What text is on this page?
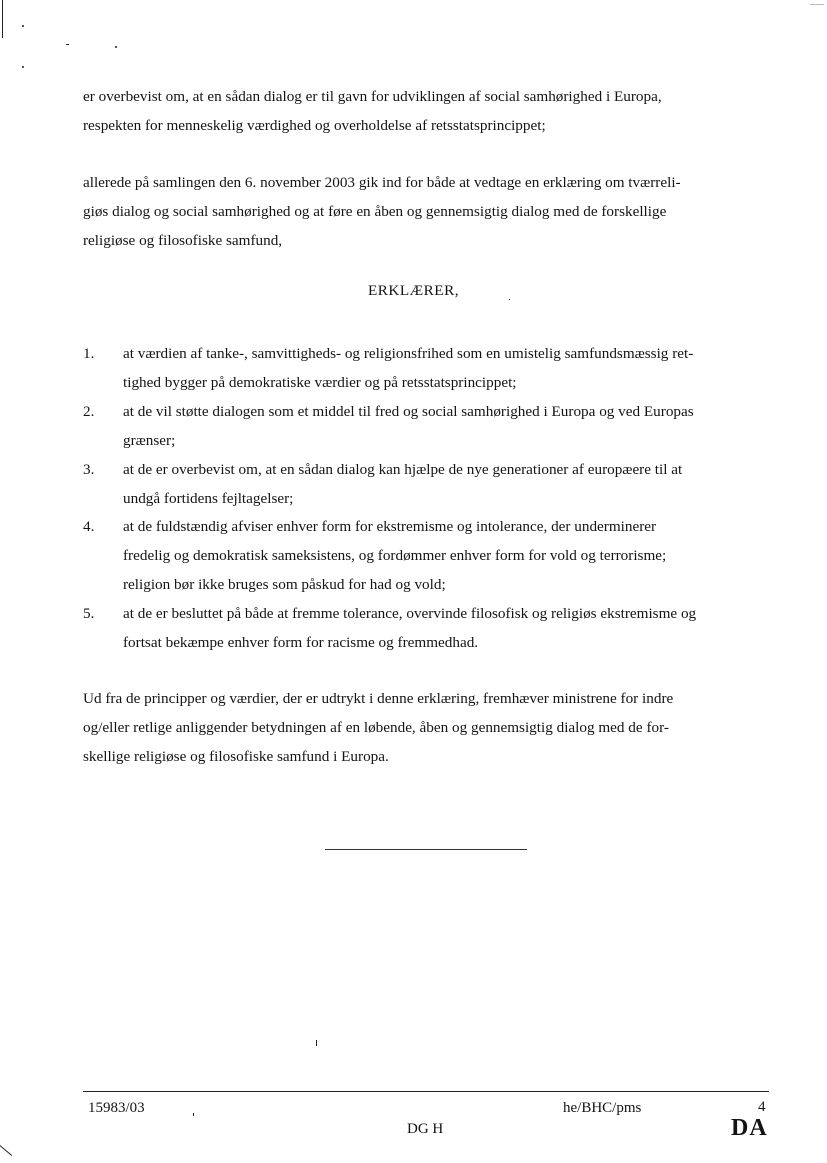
er overbevist om, at en sådan dialog er til gavn for udviklingen af social samhørighed i Europa,
respekten for menneskelig værdighed og overholdelse af retsstatsprincippet;

allerede på samlingen den 6. november 2003 gik ind for både at vedtage en erklæring om tværreli-
giøs dialog og social samhørighed og at føre en åben og gennemsigtig dialog med de forskellige
religiøse og filosofiske samfund,

ERKLÆRER,
1. at værdien af tanke-, samvittigheds- og religionsfrihed som en umistelig samfundsmæssig ret-
tighed bygger på demokratiske værdier og på retsstatsprincippet;
2. at de vil støtte dialogen som et middel til fred og social samhørighed i Europa og ved Europas
grænser;
3. at de er overbevist om, at en sådan dialog kan hjælpe de nye generationer af europæere til at
undgå fortidens fejltagelser;
4. at de fuldstændig afviser enhver form for ekstremisme og intolerance, der underminerer
fredelig og demokratisk sameksistens, og fordømmer enhver form for vold og terrorisme;
religion bør ikke bruges som påskud for had og vold;
5. at de er besluttet på både at fremme tolerance, overvinde filosofisk og religiøs ekstremisme og
fortsat bekæmpe enhver form for racisme og fremmedhad.

Ud fra de principper og værdier, der er udtrykt i denne erklæring, fremhæver ministrene for indre
og/eller retlige anliggender betydningen af en løbende, åben og gennemsigtig dialog med de for-
skellige religiøse og filosofiske samfund i Europa.

15983/03
DG H
he/BHC/pms	4
DA
